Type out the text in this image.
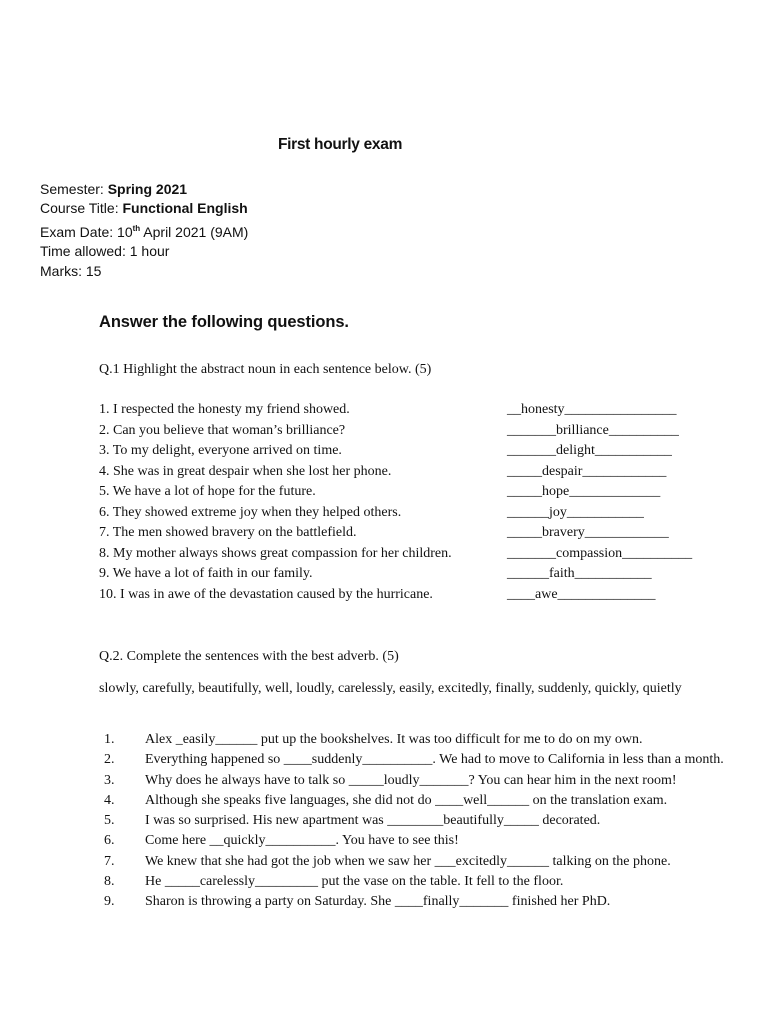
First hourly exam
Semester: Spring 2021
Course Title: Functional English
Exam Date: 10th April 2021 (9AM)
Time allowed: 1 hour
Marks: 15
Answer the following questions.
Q.1 Highlight the abstract noun in each sentence below. (5)
1. I respected the honesty my friend showed.	__honesty________________
2. Can you believe that woman’s brilliance?	_______brilliance__________
3. To my delight, everyone arrived on time.	_______delight___________
4. She was in great despair when she lost her phone.	_____despair____________
5. We have a lot of hope for the future.	_____hope_____________
6. They showed extreme joy when they helped others.	______joy___________
7. The men showed bravery on the battlefield.	_____bravery____________
8. My mother always shows great compassion for her children.	_______compassion__________
9. We have a lot of faith in our family.	______faith___________
10. I was in awe of the devastation caused by the hurricane.	____awe______________
Q.2. Complete the sentences with the best adverb. (5)
slowly, carefully, beautifully, well, loudly, carelessly, easily, excitedly, finally, suddenly, quickly, quietly
1. Alex _easily______ put up the bookshelves. It was too difficult for me to do on my own.
2. Everything happened so ____suddenly__________. We had to move to California in less than a month.
3. Why does he always have to talk so _____loudly_______? You can hear him in the next room!
4. Although she speaks five languages, she did not do ____well______ on the translation exam.
5. I was so surprised. His new apartment was ________beautifully_____ decorated.
6. Come here __quickly__________. You have to see this!
7. We knew that she had got the job when we saw her ___excitedly______ talking on the phone.
8. He _____carelessly_________ put the vase on the table. It fell to the floor.
9. Sharon is throwing a party on Saturday. She ____finally_______ finished her PhD.
